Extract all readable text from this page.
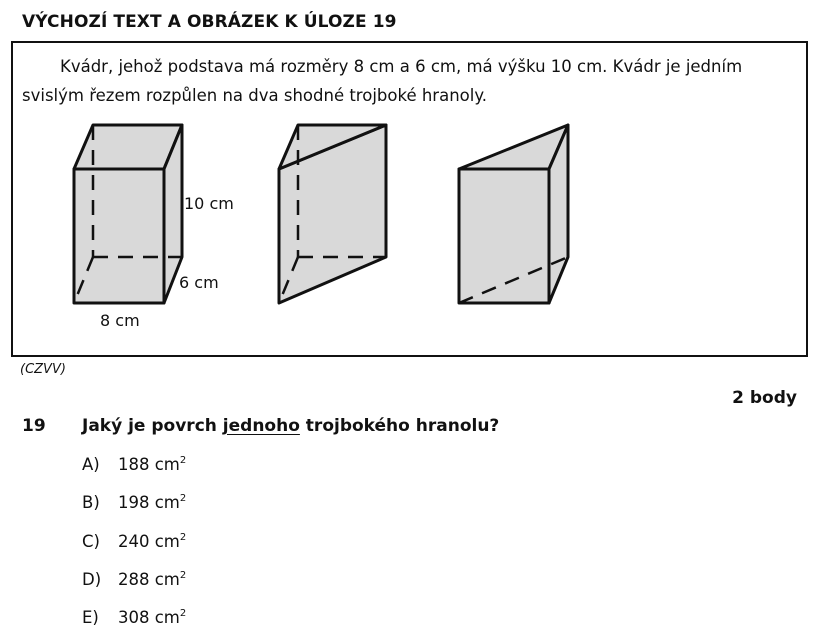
VÝCHOZÍ TEXT A OBRÁZEK K ÚLOZE 19

Kvádr, jehož podstava má rozměry 8 cm a 6 cm, má výšku 10 cm. Kvádr je jedním svislým řezem rozpůlen na dva shodné trojboké hranoly.

10 cm
6 cm
8 cm
(CZVV)
2 body
19 Jaký je povrch jednoho trojbokého hranolu?
A) 188 $cm^2$
B) 198 $cm^2$
C) 240 $cm^2$
D) 288 $cm^2$
E) 308 $cm^2$
